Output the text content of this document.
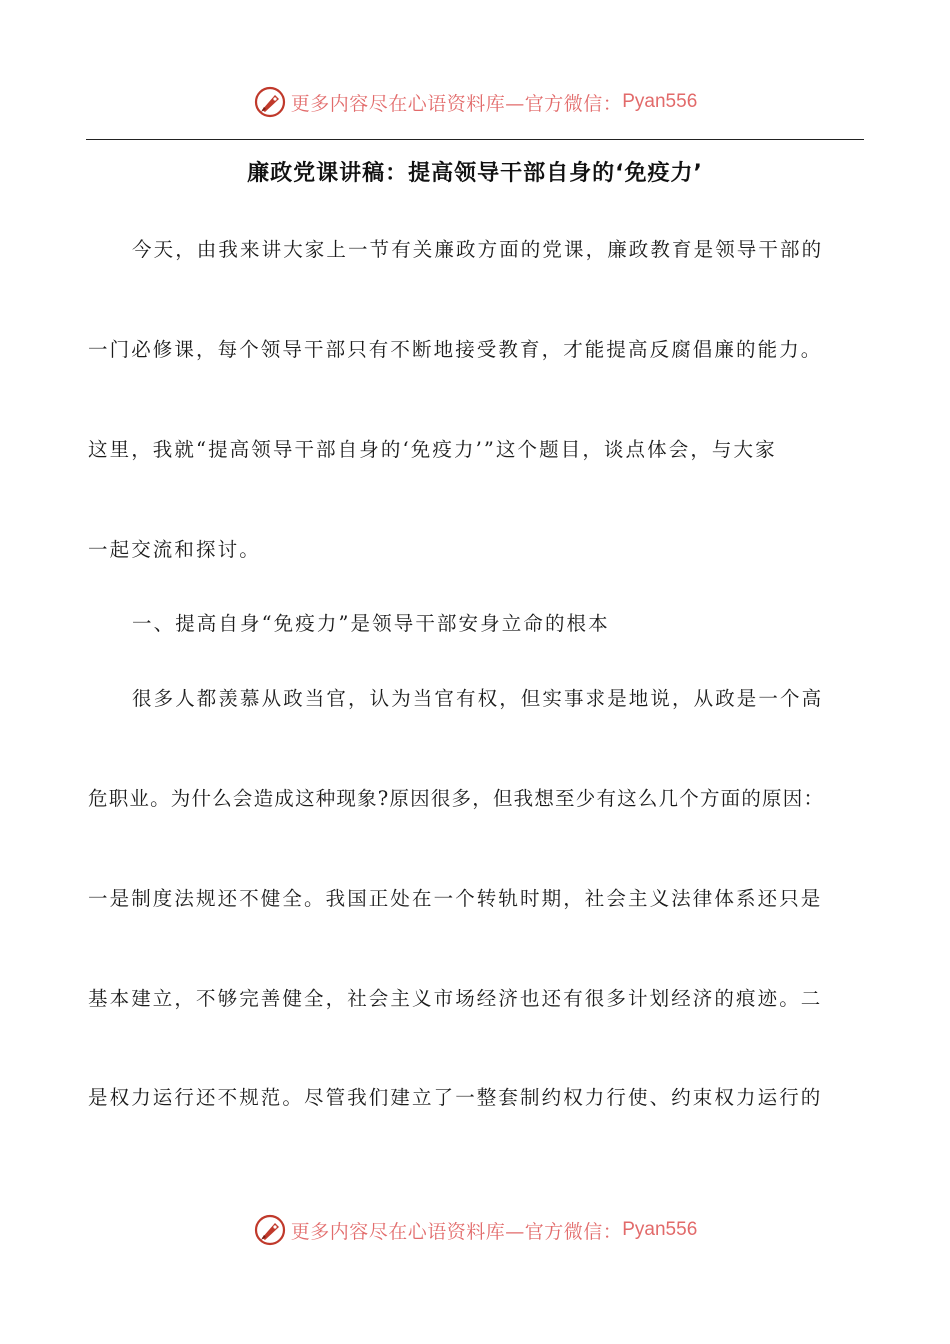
更多内容尽在心语资料库—官方微信： Pyan556
廉政党课讲稿：提高领导干部自身的‘免疫力’
今天，由我来讲大家上一节有关廉政方面的党课，廉政教育是领导干部的
一门必修课，每个领导干部只有不断地接受教育，才能提高反腐倡廉的能力。
这里，我就“提高领导干部自身的‘免疫力’”这个题目，谈点体会，与大家
一起交流和探讨。
一、提高自身“免疫力”是领导干部安身立命的根本
很多人都羡慕从政当官，认为当官有权，但实事求是地说，从政是一个高
危职业。为什么会造成这种现象?原因很多，但我想至少有这么几个方面的原因：
一是制度法规还不健全。我国正处在一个转轨时期，社会主义法律体系还只是
基本建立，不够完善健全，社会主义市场经济也还有很多计划经济的痕迹。二
是权力运行还不规范。尽管我们建立了一整套制约权力行使、约束权力运行的
更多内容尽在心语资料库—官方微信： Pyan556
